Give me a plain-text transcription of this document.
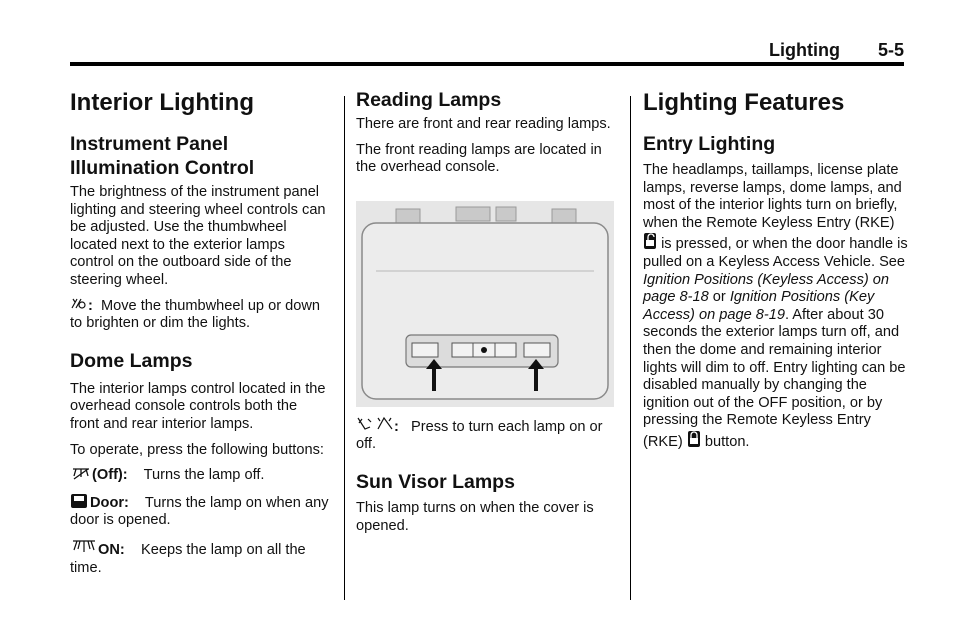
Lighting 5-5
Interior Lighting
Instrument Panel Illumination Control

The brightness of the instrument panel lighting and steering wheel controls can be adjusted. Use the thumbwheel located next to the exterior lamps control on the outboard side of the steering wheel.

: Move the thumbwheel up or down to brighten or dim the lights.

Dome Lamps

The interior lamps control located in the overhead console controls both the front and rear interior lamps.

To operate, press the following buttons:

(Off): Turns the lamp off.

Door: Turns the lamp on when any door is opened.

ON: Keeps the lamp on all the time.

Reading Lamps

There are front and rear reading lamps.

The front reading lamps are located in the overhead console.

: Press to turn each lamp on or off.

Sun Visor Lamps

This lamp turns on when the cover is opened.

Lighting Features
Entry Lighting

The headlamps, taillamps, license plate lamps, reverse lamps, dome lamps, and most of the interior lights turn on briefly, when the Remote Keyless Entry (RKE)  is pressed, or when the door handle is pulled on a Keyless Access Vehicle. See Ignition Positions (Keyless Access) on page 8-18 or Ignition Positions (Key Access) on page 8-19. After about 30 seconds the exterior lamps turn off, and then the dome and remaining interior lights will dim to off. Entry lighting can be disabled manually by changing the ignition out of the OFF position, or by pressing the Remote Keyless Entry (RKE) button.
